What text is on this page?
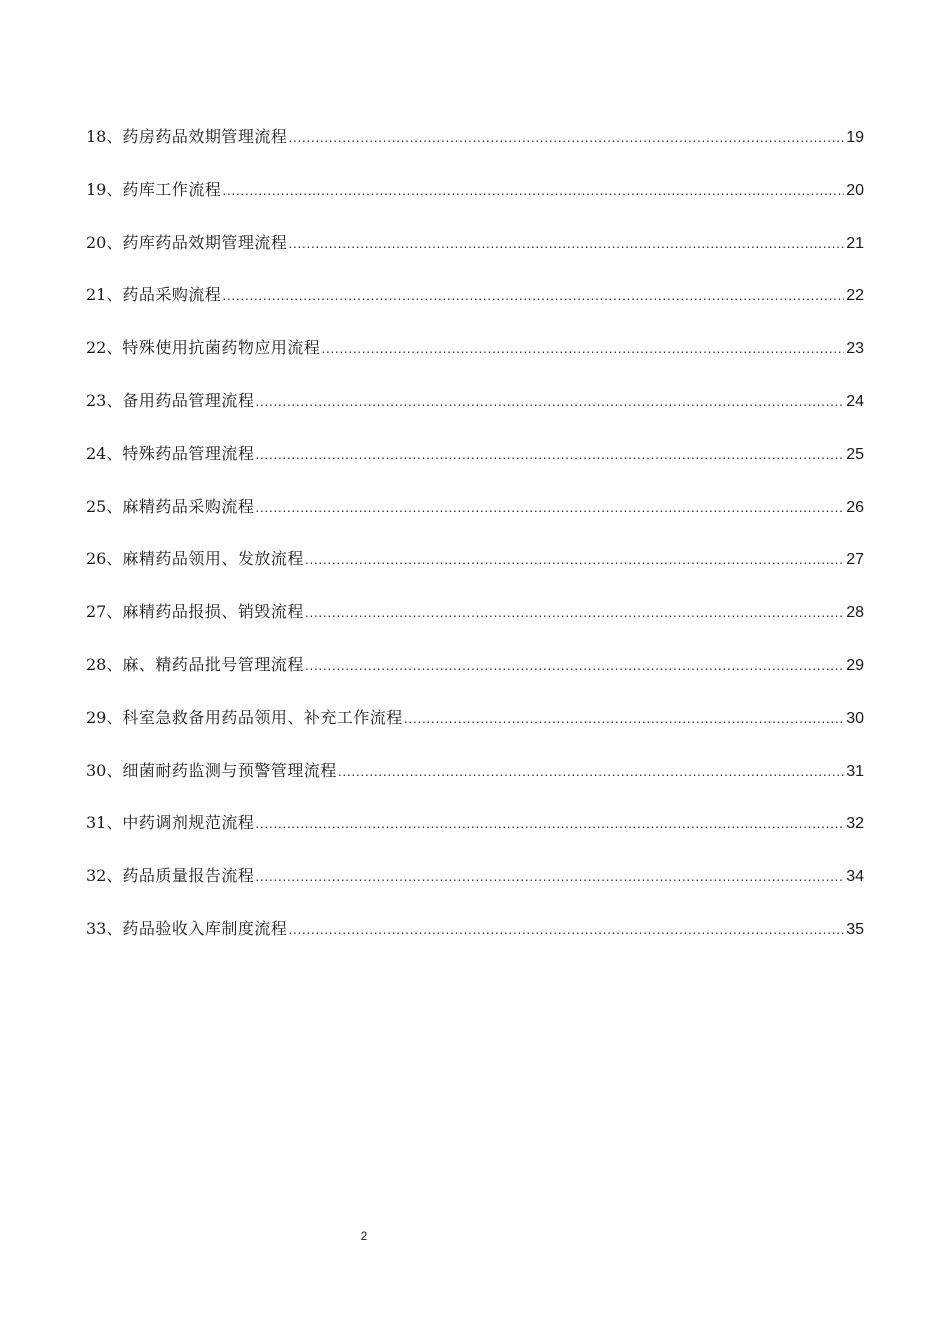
18 、 药房药品效期管理流程 .....	19
19 、 药库工作流程 .....	20
20 、 药库药品效期管理流程 .....	21
21 、 药品采购流程 .....	22
22 、 特殊使用抗菌药物应用流程 .....	23
23 、 备用药品管理流程 .....	24
24 、 特殊药品管理流程 .....	25
25 、 麻精药品采购流程 .....	26
26 、 麻精药品领用、发放流程 .....	27
27 、 麻精药品报损、销毁流程 .....	28
28 、 麻、精药品批号管理流程 .....	29
29 、 科室急救备用药品领用、补充工作流程 .....	30
30 、 细菌耐药监测与预警管理流程 .....	31
31 、 中药调剂规范流程 .....	32
32 、 药品质量报告流程 .....	34
33 、 药品验收入库制度流程 .....	35
2
